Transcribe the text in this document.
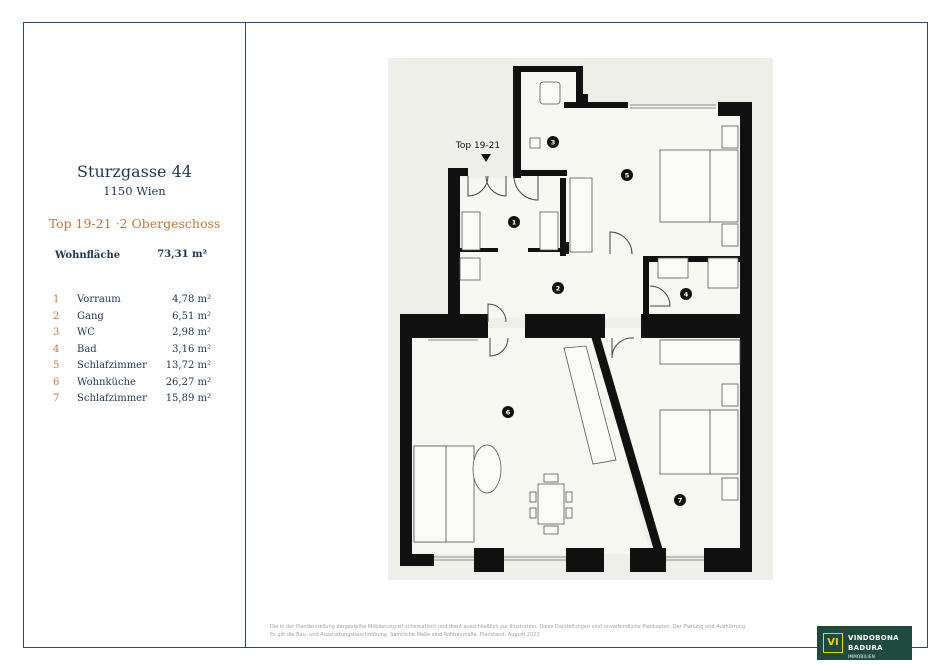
Sturzgasse 44
1150 Wien
Top 19-21 ·2 Obergeschoss
Wohnfläche	73,31 m²
1 Vorraum	4,78 m²
2 Gang	6,51 m²
3 WC	2,98 m²
4 Bad	3,16 m²
5 Schlafzimmer 13,72 m²
6 Wohnküche	26,27 m²
7 Schlafzimmer 15,89 m²
1
2
3
4
5
6
7
Top 19-21
Die in der Plandarstellung dargestellte Möblierung ist schematisch und dient ausschließlich zur Illustration. Diese Darstellungen sind unverbindliche Plankopien. Der Planung und Ausführung
Es gilt die Bau- und Ausstattungsbeschreibung. Sämtliche Maße sind Rohbaumaße. Planstand: August 2022
VI	VINDOBONA
BADURA IMMOBILIEN
